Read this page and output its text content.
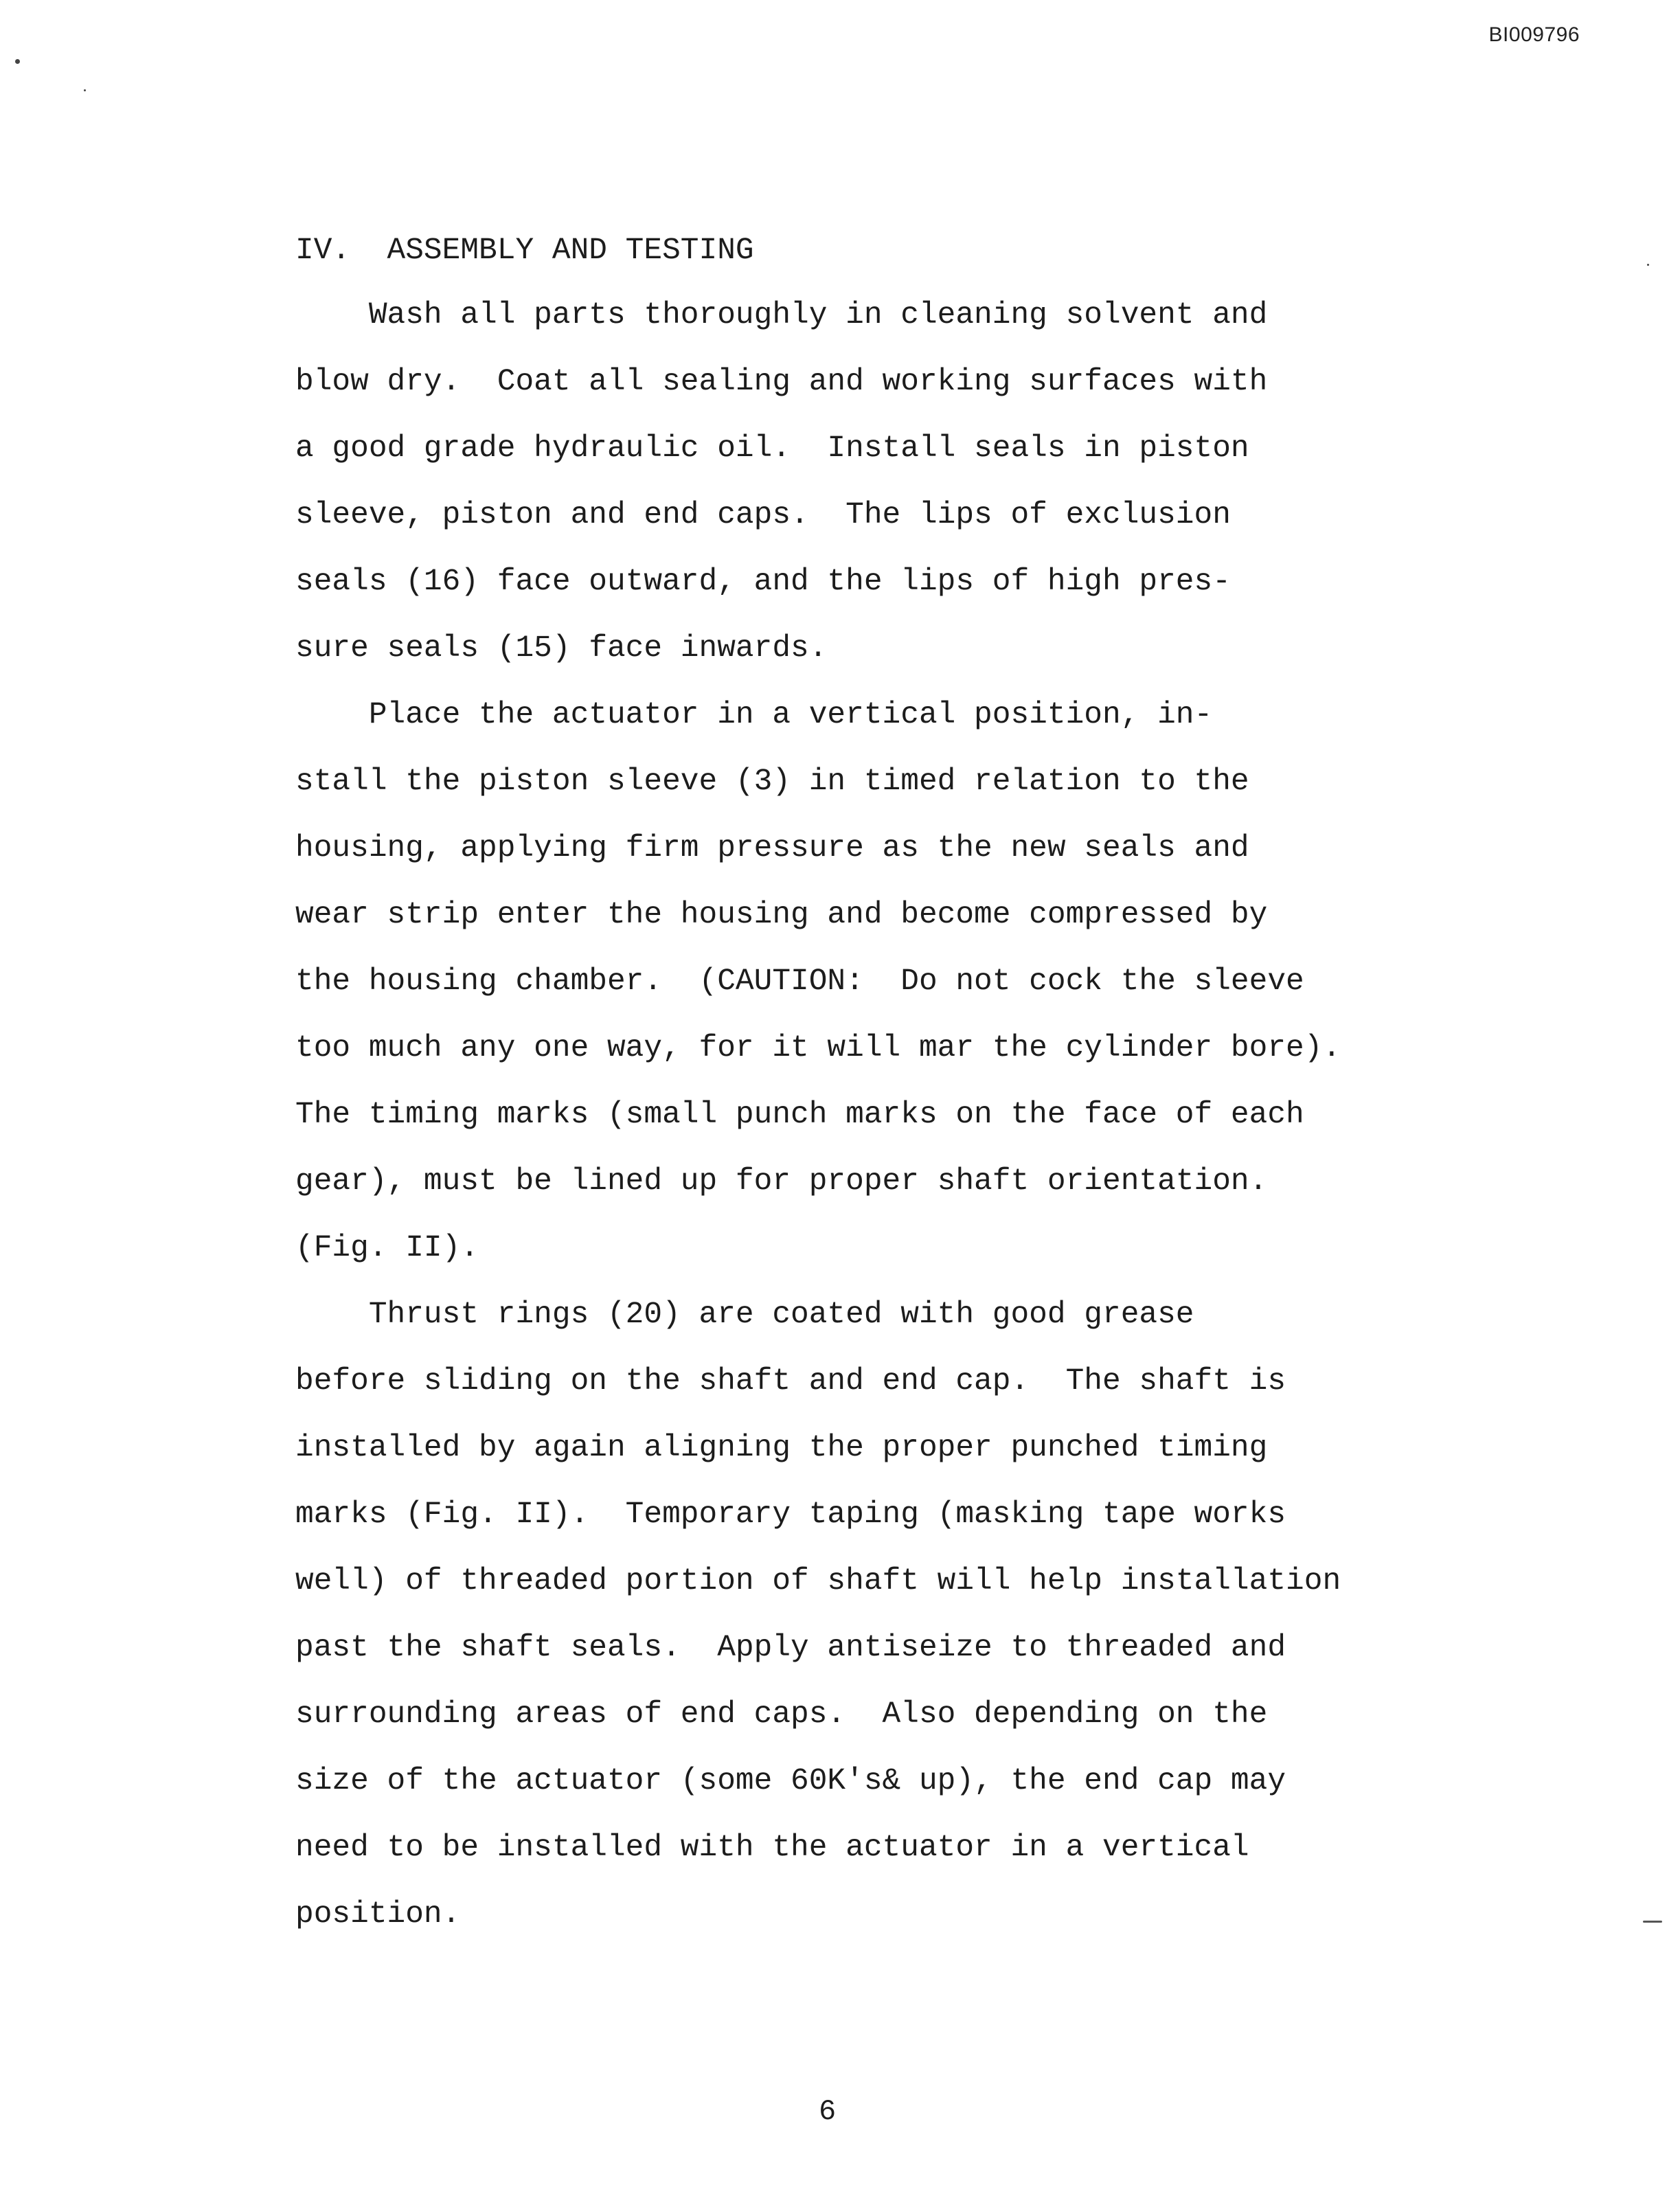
BI009796
IV.  ASSEMBLY AND TESTING
Wash all parts thoroughly in cleaning solvent and
blow dry.  Coat all sealing and working surfaces with
a good grade hydraulic oil.  Install seals in piston
sleeve, piston and end caps.  The lips of exclusion
seals (16) face outward, and the lips of high pres-
sure seals (15) face inwards.
Place the actuator in a vertical position, in-
stall the piston sleeve (3) in timed relation to the
housing, applying firm pressure as the new seals and
wear strip enter the housing and become compressed by
the housing chamber.  (CAUTION:  Do not cock the sleeve
too much any one way, for it will mar the cylinder bore).
The timing marks (small punch marks on the face of each
gear), must be lined up for proper shaft orientation.
(Fig. II).
Thrust rings (20) are coated with good grease
before sliding on the shaft and end cap.  The shaft is
installed by again aligning the proper punched timing
marks (Fig. II).  Temporary taping (masking tape works
well) of threaded portion of shaft will help installation
past the shaft seals.  Apply antiseize to threaded and
surrounding areas of end caps.  Also depending on the
size of the actuator (some 60K's& up), the end cap may
need to be installed with the actuator in a vertical
position.
6
